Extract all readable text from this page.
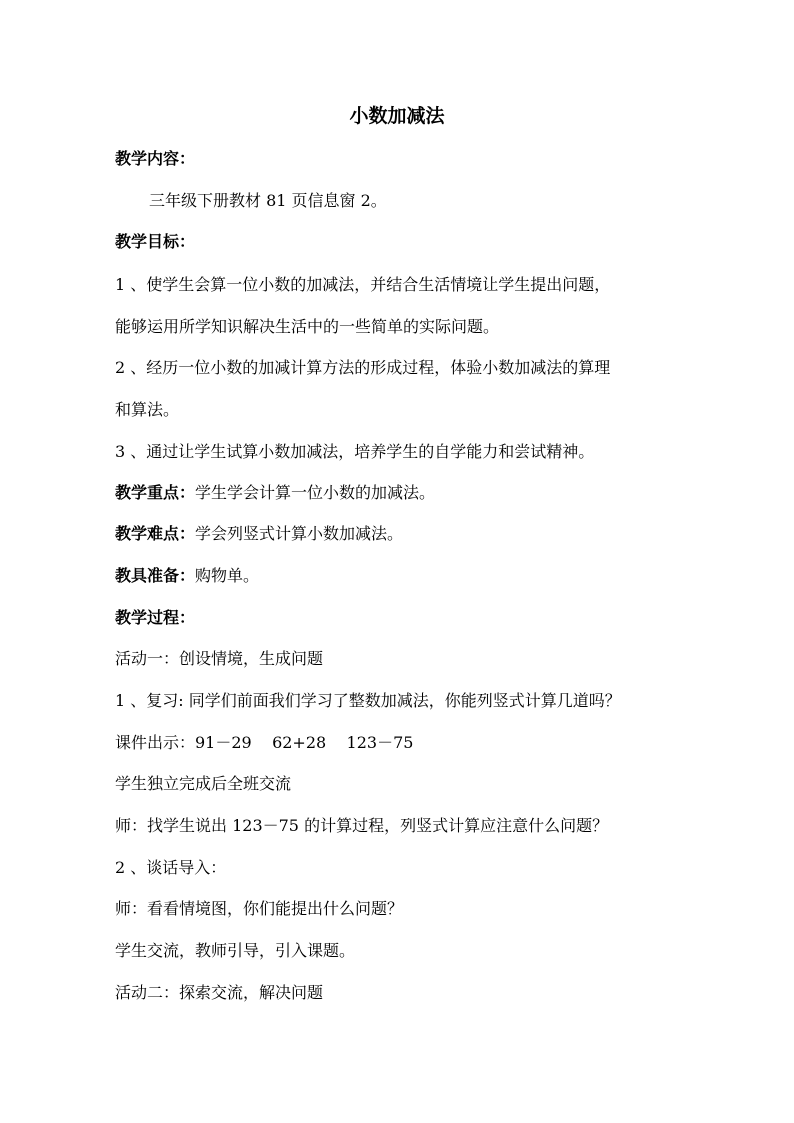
小数加减法
教学内容：
三年级下册教材 81 页信息窗 2。
教学目标：
1 、使学生会算一位小数的加减法，并结合生活情境让学生提出问题，
能够运用所学知识解决生活中的一些简单的实际问题。
2 、经历一位小数的加减计算方法的形成过程，体验小数加减法的算理
和算法。
3 、通过让学生试算小数加减法，培养学生的自学能力和尝试精神。
教学重点：学生学会计算一位小数的加减法。
教学难点：学会列竖式计算小数加减法。
教具准备：购物单。
教学过程：
活动一：创设情境，生成问题
1 、复习: 同学们前面我们学习了整数加减法，你能列竖式计算几道吗？
课件出示：91－29    62+28    123－75
学生独立完成后全班交流
师：找学生说出 123－75 的计算过程，列竖式计算应注意什么问题？
2 、谈话导入：
师：看看情境图，你们能提出什么问题？
学生交流，教师引导，引入课题。
活动二：探索交流，解决问题
